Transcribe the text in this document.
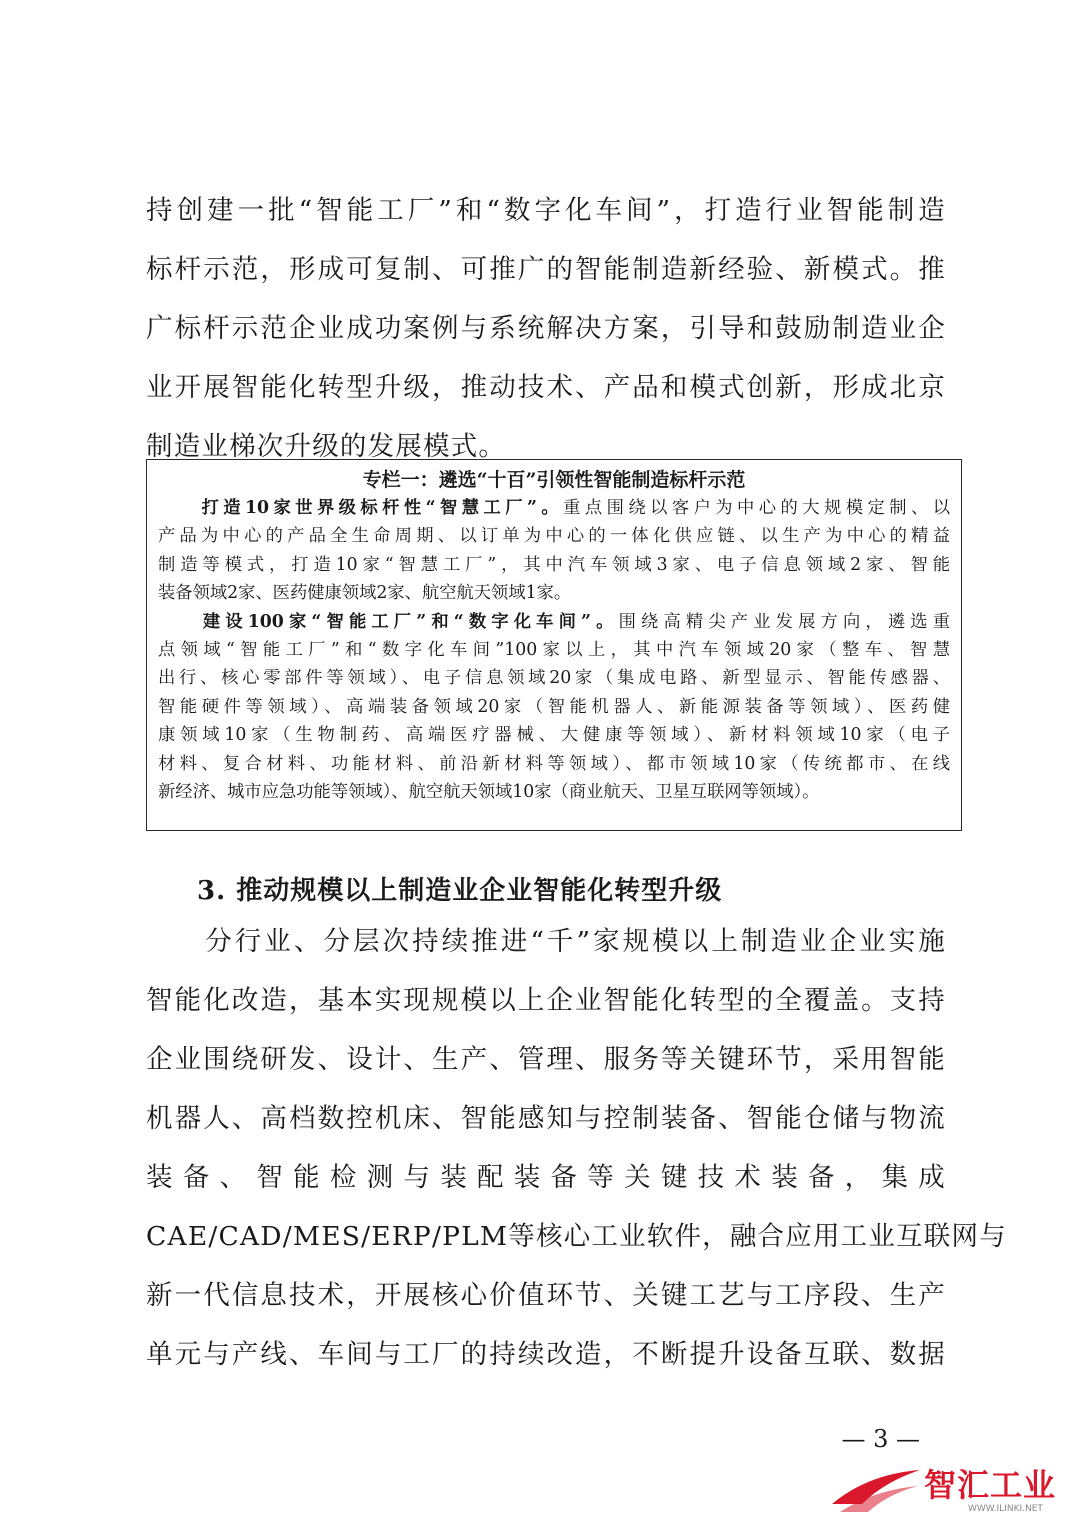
持创建一批“智能工厂”和“数字化车间”，打造行业智能制造
标杆示范，形成可复制、可推广的智能制造新经验、新模式。推
广标杆示范企业成功案例与系统解决方案，引导和鼓励制造业企
业开展智能化转型升级，推动技术、产品和模式创新，形成北京
制造业梯次升级的发展模式。
专栏一：遴选“十百”引领性智能制造标杆示范
　　打造10家世界级标杆性“智慧工厂”。重点围绕以客户为中心的大规模定制、以
产品为中心的产品全生命周期、以订单为中心的一体化供应链、以生产为中心的精益
制造等模式，打造10家“智慧工厂”，其中汽车领域3家、电子信息领域2家、智能
装备领域2家、医药健康领域2家、航空航天领域1家。
　　建设100家“智能工厂”和“数字化车间”。围绕高精尖产业发展方向，遴选重
点领域“智能工厂”和“数字化车间”100家以上，其中汽车领域20家（整车、智慧
出行、核心零部件等领域）、电子信息领域20家（集成电路、新型显示、智能传感器、
智能硬件等领域）、高端装备领域20家（智能机器人、新能源装备等领域）、医药健
康领域10家（生物制药、高端医疗器械、大健康等领域）、新材料领域10家（电子
材料、复合材料、功能材料、前沿新材料等领域）、都市领域10家（传统都市、在线
新经济、城市应急功能等领域）、航空航天领域10家（商业航天、卫星互联网等领域）。
3. 推动规模以上制造业企业智能化转型升级
　　分行业、分层次持续推进“千”家规模以上制造业企业实施
智能化改造，基本实现规模以上企业智能化转型的全覆盖。支持
企业围绕研发、设计、生产、管理、服务等关键环节，采用智能
机器人、高档数控机床、智能感知与控制装备、智能仓储与物流
装备、智能检测与装配装备等关键技术装备，集成
CAE/CAD/MES/ERP/PLM等核心工业软件，融合应用工业互联网与
新一代信息技术，开展核心价值环节、关键工艺与工序段、生产
单元与产线、车间与工厂的持续改造，不断提升设备互联、数据
— 3 —
智汇工业
WWW.ILINKI.NET
